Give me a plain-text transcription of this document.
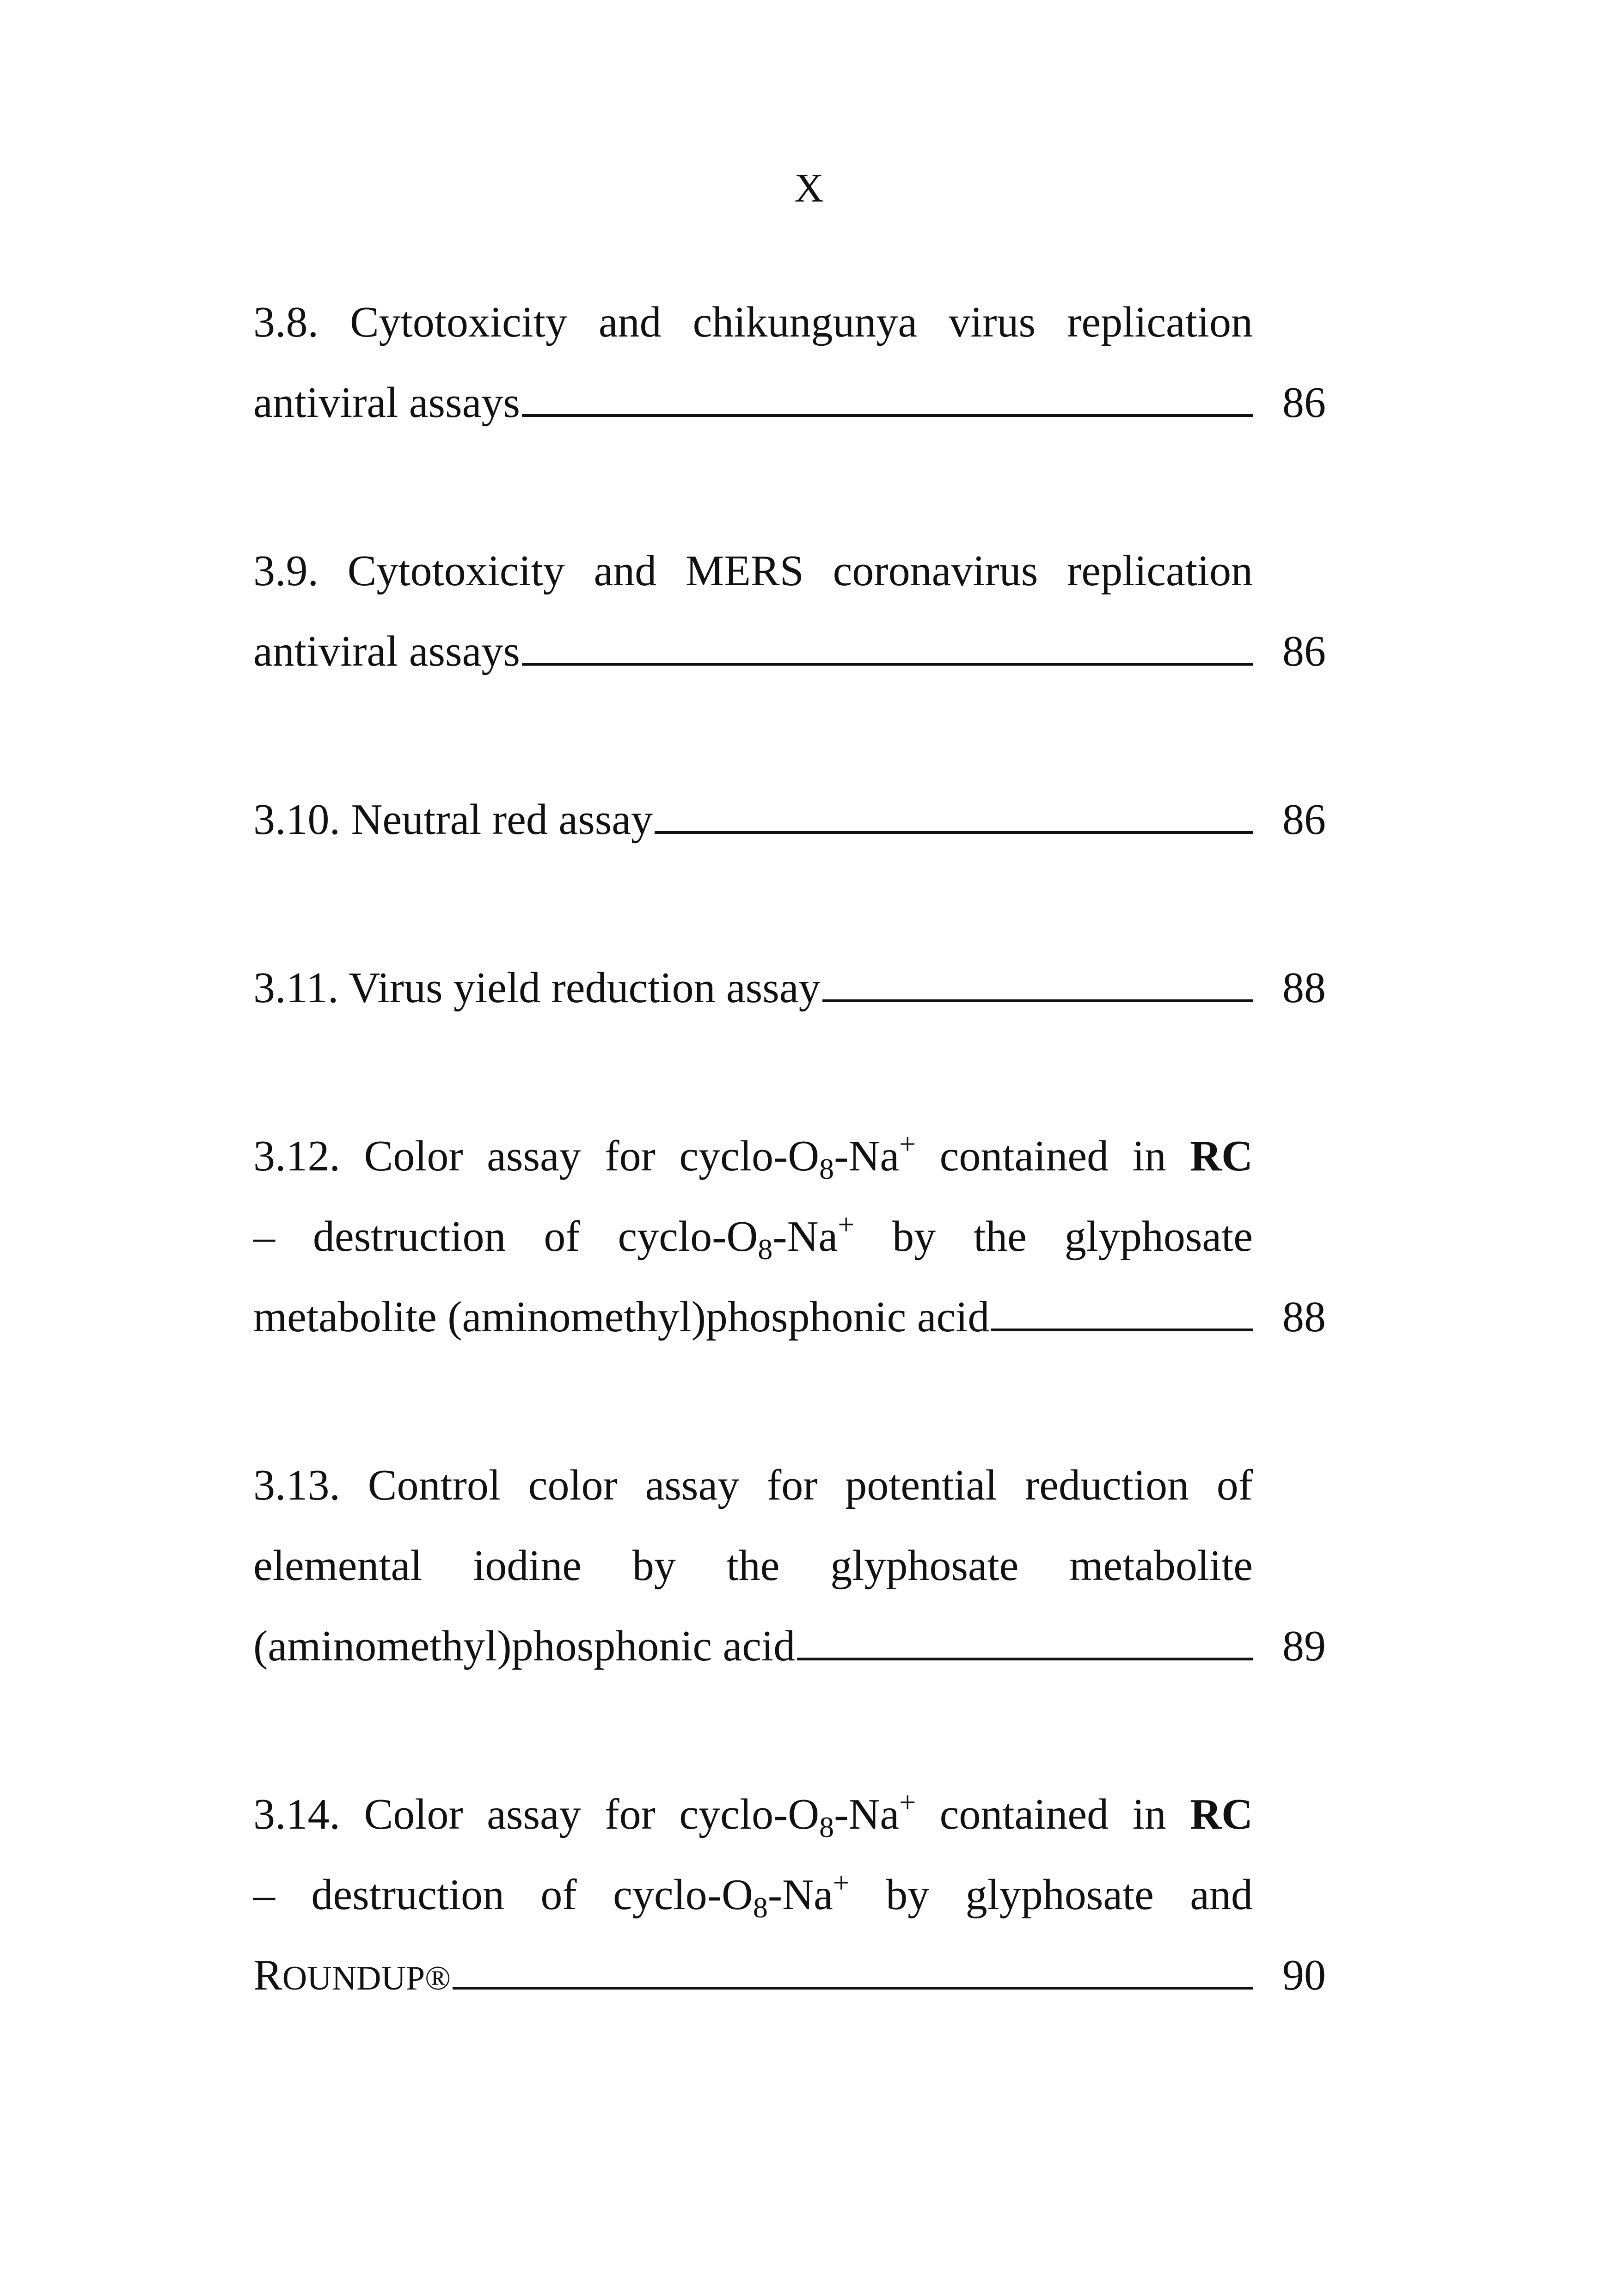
X
3.8. Cytotoxicity and chikungunya virus replication
antiviral assays	86
3.9. Cytotoxicity and MERS coronavirus replication
antiviral assays	86
3.10. Neutral red assay	86
3.11. Virus yield reduction assay	88
3.12. Color assay for cyclo-O8-Na+ contained in RC
– destruction of cyclo-O8-Na+ by the glyphosate
metabolite (aminomethyl)phosphonic acid	88
3.13. Control color assay for potential reduction of
elemental iodine by the glyphosate metabolite
(aminomethyl)phosphonic acid	89
3.14. Color assay for cyclo-O8-Na+ contained in RC
– destruction of cyclo-O8-Na+ by glyphosate and
ROUNDUP®	90
